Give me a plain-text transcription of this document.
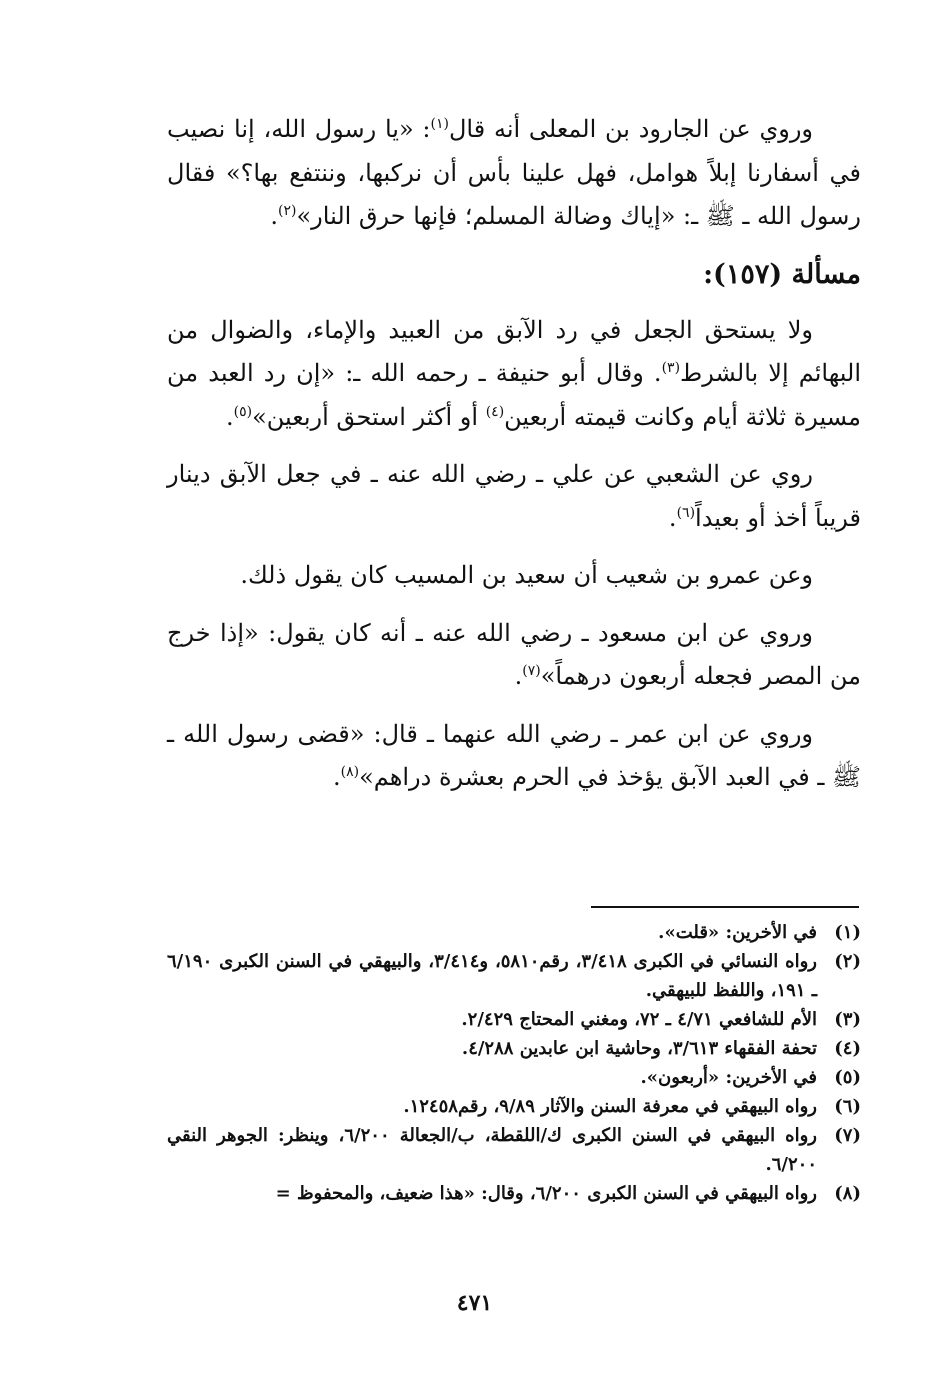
وروي عن الجارود بن المعلى أنه قال$^{(١)}$: «يا رسول الله، إنا نصيب في أسفارنا إبلاً هوامل، فهل علينا بأس أن نركبها، وننتفع بها؟» فقال رسول الله ـ ﷺ ـ: «إياك وضالة المسلم؛ فإنها حرق النار»$^{(٢)}$.

مسألة (١٥٧):

ولا يستحق الجعل في رد الآبق من العبيد والإماء، والضوال من البهائم إلا بالشرط$^{(٣)}$. وقال أبو حنيفة ـ رحمه الله ـ: «إن رد العبد من مسيرة ثلاثة أيام وكانت قيمته أربعين$^{(٤)}$ أو أكثر استحق أربعين»$^{(٥)}$.

روي عن الشعبي عن علي ـ رضي الله عنه ـ في جعل الآبق دينار قريباً أخذ أو بعيداً$^{(٦)}$.

وعن عمرو بن شعيب أن سعيد بن المسيب كان يقول ذلك.

وروي عن ابن مسعود ـ رضي الله عنه ـ أنه كان يقول: «إذا خرج من المصر فجعله أربعون درهماً»$^{(٧)}$.

وروي عن ابن عمر ـ رضي الله عنهما ـ قال: «قضى رسول الله ـ ﷺ ـ في العبد الآبق يؤخذ في الحرم بعشرة دراهم»$^{(٨)}$.

(١)
في الأخرين: «قلت».
(٢)
رواه النسائي في الكبرى ٣/٤١٨، رقم٥٨١٠، و٣/٤١٤، والبيهقي في السنن الكبرى ٦/١٩٠ ـ ١٩١، واللفظ للبيهقي.
(٣)
الأم للشافعي ٤/٧١ ـ ٧٢، ومغني المحتاج ٢/٤٢٩.
(٤)
تحفة الفقهاء ٣/٦١٣، وحاشية ابن عابدين ٤/٢٨٨.
(٥)
في الأخرين: «أربعون».
(٦)
رواه البيهقي في معرفة السنن والآثار ٩/٨٩، رقم١٢٤٥٨.
(٧)
رواه البيهقي في السنن الكبرى ك/اللقطة، ب/الجعالة ٦/٢٠٠، وينظر: الجوهر النقي ٦/٢٠٠.
(٨)
رواه البيهقي في السنن الكبرى ٦/٢٠٠، وقال: «هذا ضعيف، والمحفوظ =
٤٧١
